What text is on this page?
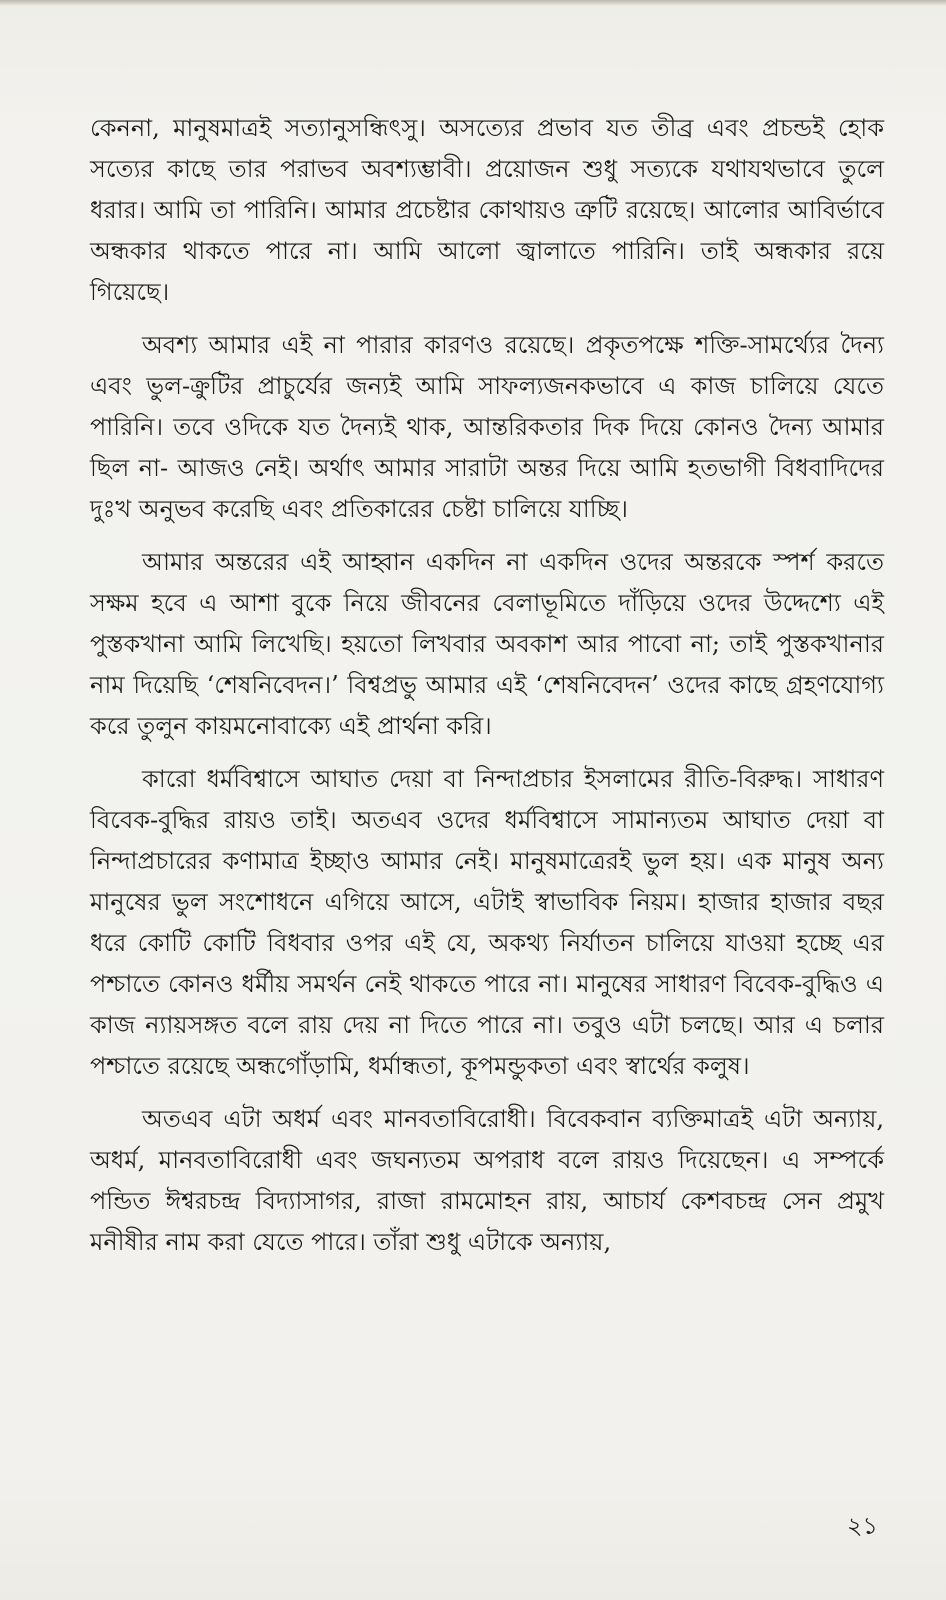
কেননা, মানুষমাত্রই সত্যানুসন্ধিৎসু। অসত্যের প্রভাব যত তীব্র এবং প্রচন্ডই হোক সত্যের কাছে তার পরাভব অবশ্যম্ভাবী। প্রয়োজন শুধু সত্যকে যথাযথভাবে তুলে ধরার। আমি তা পারিনি। আমার প্রচেষ্টার কোথায়ও ত্রুটি রয়েছে। আলোর আবির্ভাবে অন্ধকার থাকতে পারে না। আমি আলো জ্বালাতে পারিনি। তাই অন্ধকার রয়ে গিয়েছে।

অবশ্য আমার এই না পারার কারণও রয়েছে। প্রকৃতপক্ষে শক্তি-সামর্থ্যের দৈন্য এবং ভুল-ক্রুটির প্রাচুর্যের জন্যই আমি সাফল্যজনকভাবে এ কাজ চালিয়ে যেতে পারিনি। তবে ওদিকে যত দৈন্যই থাক, আন্তরিকতার দিক দিয়ে কোনও দৈন্য আমার ছিল না- আজও নেই। অর্থাৎ আমার সারাটা অন্তর দিয়ে আমি হতভাগী বিধবাদিদের দুঃখ অনুভব করেছি এবং প্রতিকারের চেষ্টা চালিয়ে যাচ্ছি।

আমার অন্তরের এই আহ্বান একদিন না একদিন ওদের অন্তরকে স্পর্শ করতে সক্ষম হবে এ আশা বুকে নিয়ে জীবনের বেলাভূমিতে দাঁড়িয়ে ওদের উদ্দেশ্যে এই পুস্তকখানা আমি লিখেছি। হয়তো লিখবার অবকাশ আর পাবো না; তাই পুস্তকখানার নাম দিয়েছি ‘শেষনিবেদন।’ বিশ্বপ্রভু আমার এই ‘শেষনিবেদন’ ওদের কাছে গ্রহণযোগ্য করে তুলুন কায়মনোবাক্যে এই প্রার্থনা করি।

কারো ধর্মবিশ্বাসে আঘাত দেয়া বা নিন্দাপ্রচার ইসলামের রীতি-বিরুদ্ধ। সাধারণ বিবেক-বুদ্ধির রায়ও তাই। অতএব ওদের ধর্মবিশ্বাসে সামান্যতম আঘাত দেয়া বা নিন্দাপ্রচারের কণামাত্র ইচ্ছাও আমার নেই। মানুষমাত্রেরই ভুল হয়। এক মানুষ অন্য মানুষের ভুল সংশোধনে এগিয়ে আসে, এটাই স্বাভাবিক নিয়ম। হাজার হাজার বছর ধরে কোটি কোটি বিধবার ওপর এই যে, অকথ্য নির্যাতন চালিয়ে যাওয়া হচ্ছে এর পশ্চাতে কোনও ধর্মীয় সমর্থন নেই থাকতে পারে না। মানুষের সাধারণ বিবেক-বুদ্ধিও এ কাজ ন্যায়সঙ্গত বলে রায় দেয় না দিতে পারে না। তবুও এটা চলছে। আর এ চলার পশ্চাতে রয়েছে অন্ধগোঁড়ামি, ধর্মান্ধতা, কূপমন্ডুকতা এবং স্বার্থের কলুষ।

অতএব এটা অধর্ম এবং মানবতাবিরোধী। বিবেকবান ব্যক্তিমাত্রই এটা অন্যায়, অধর্ম, মানবতাবিরোধী এবং জঘন্যতম অপরাধ বলে রায়ও দিয়েছেন। এ সম্পর্কে পন্ডিত ঈশ্বরচন্দ্র বিদ্যাসাগর, রাজা রামমোহন রায়, আচার্য কেশবচন্দ্র সেন প্রমুখ মনীষীর নাম করা যেতে পারে। তাঁরা শুধু এটাকে অন্যায়,

২১
